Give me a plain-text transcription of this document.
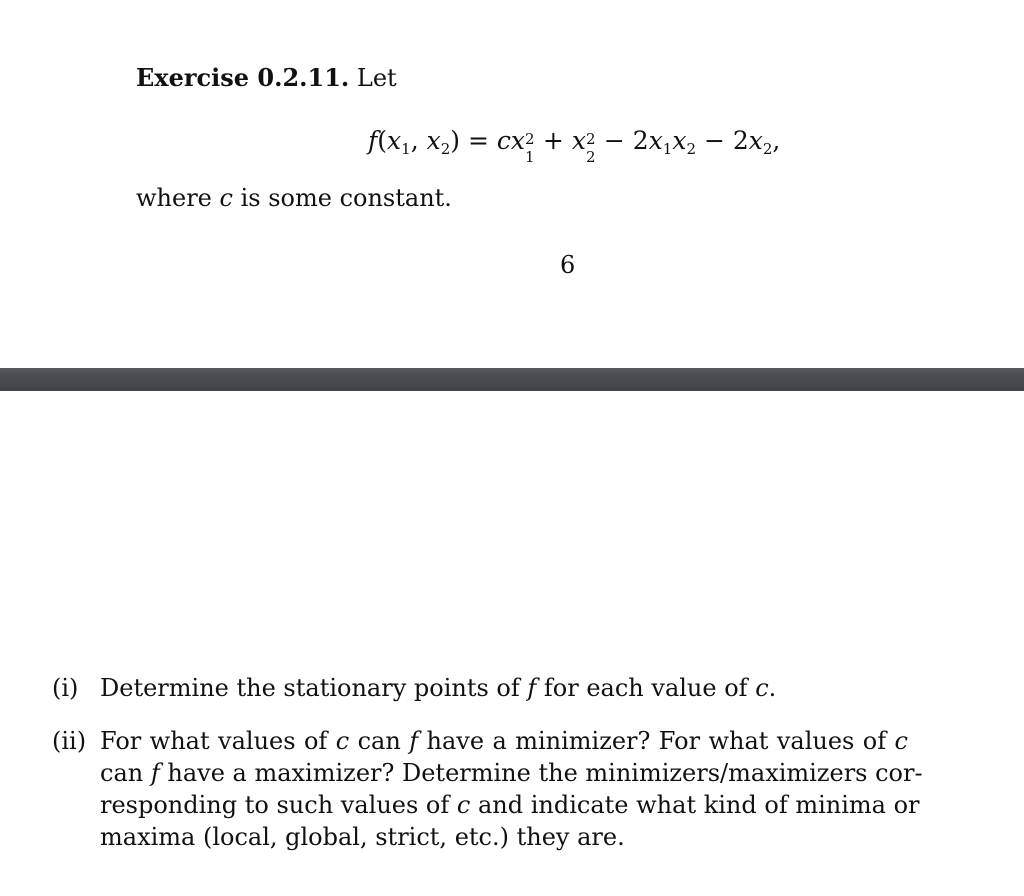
Exercise 0.2.11. Let
$f(x_1$, $x_2$) = cx 2
1
+ x 2
2
− $2x_1x_2 - 2x_2$,
where c is some constant.
6
(i) Determine the stationary points of f for each value of c.
(ii) For what values of c can f have a minimizer? For what values of c
can f have a maximizer? Determine the minimizers/maximizers cor-
responding to such values of c and indicate what kind of minima or
maxima (local, global, strict, etc.) they are.
